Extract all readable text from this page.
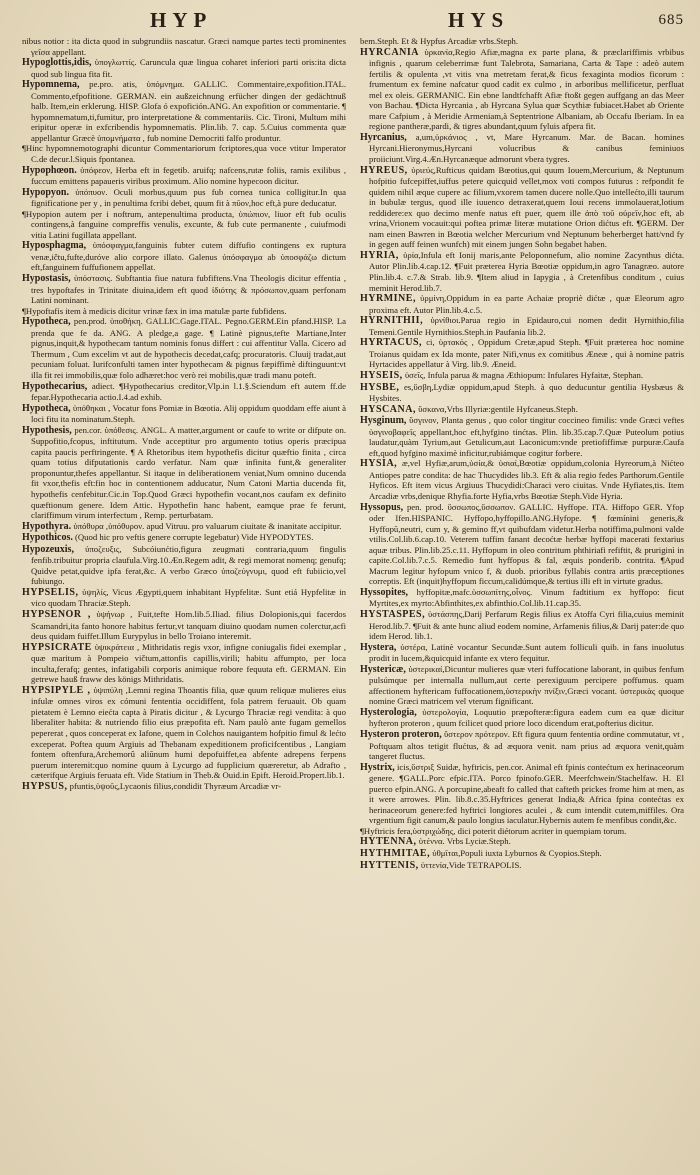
HYP	HYS	685

nibus notior : ita dicta quod in subgrundiis nascatur. Græci namque partes tecti prominentes γεῖσα appellant.

Hypoglottis,idis, ὑπογλωττίς. Caruncula quæ lingua coharet inferiori parti oris:ita dicta quod sub lingua fita fit.

Hypomnema, pe.pro. atis, ὑπόμνημα. GALLIC. Commentaire,expofition.ITAL. Commento,efpofitione. GERMAN. ein außzeichnung erfücher dingen der gedächtnuß halb. Item,ein erklerung. HISP. Glofa ó expofición.ANG. An expofition or commentarie. ¶ hypomnematum,ti,fumitur, pro interpretatione & commentariis. Cic. Tironi, Multum mihi eripitur operæ in exfcribendis hypomnematis. Plin.lib. 7. cap. 5.Cuius commenta quæ appellantur Græcè ὑπομνήματα , fub nomine Democriti falfo produntur.

¶Hinc hypomnemotographi dicuntur Commentariorum fcriptores,qua voce vtitur Imperator C.de decur.l.Siquis fpontanea.

Hypophœon. ὑπόφεον, Herba eft in fegetib. aruifq; nafcens,rutæ foliis, ramis exilibus , fuccum emittens papaueris viribus proximum. Alio nomine hypecoon dicitur.

Hypopyon. ὑπόπυον. Oculi morbus,quum pus fub cornea tunica colligitur.In qua fignificatione per y , in penultima fcribi debet, quum fit à πῦον,hoc eft,à pure deducatur.

¶Hypopion autem per i noftrum, antepenultima producta, ὑπώπιον, liuor eft fub oculis contingens,à fanguine compreffis venulis, excunte, & fub cute permanente , cuiufmodi vitia Latini fugillata appellant.

Hyposphagma, ὑπόσφαγμα,fanguinis fubter cutem diffufio contingens ex ruptura venæ,ičtu,fufte,duróve alio corpore illato. Galenus ὑπόσφαγμα ab ὑποσφάζω dictum eft,fanguinem fuffufionem appellat.

Hypostasis, ὑπόστασις. Subftantia fiue natura fubfiftens.Vna Theologis dicitur effentia , tres hypoftafes in Trinitate diuina,idem eft quod ἰδιότης & πρόσωπον,quam perfonam Latini nominant.

¶Hypoftafis item à medicis dicitur vrinæ fæx in ima matulæ parte fubfidens.

Hypotheca, pen.prod. ὑποθήκη. GALLIC.Gage.ITAL. Pegno.GERM.Ein pfand.HISP. La prenda que fe da. ANG. A pledge,a gage. ¶ Latinè pignus,tefte Martiane,Inter pignus,inquit,& hypothecam tantum nominis fonus differt : cui affentitur Valla. Cicero ad Thermum , Cum excelim vt aut de hypothecis decedat,cafq; procuratoris. Cluuij tradat,aut pecuniam foluat. Iurifconfulti tamen inter hypothecam & pignus fæpiffimè diftinguunt:vt illa fit rei immobilis,quæ folo adhæret:hoc verò rei mobilis,quæ tradi manu poteft.

Hypothecarius, adiect. ¶Hypothecarius creditor,Vlp.in l.1.§.Sciendum eft autem ff.de fepar.Hypothecaria actio.I.4.ad exhib.

Hypotheca, ὑπόθηκαι , Vocatur fons Pomiæ in Bœotia. Alij oppidum quoddam effe aiunt à loci fitu ita nominatum.Steph.

Hypothesis, pen.cor. ὑπόθεσις. ANGL. A matter,argument or caufe to write or difpute on. Suppofitio,fcopus, inftitutum. Vnde acceptitur pro argumento totius operis præcipua capita paucis perftringente. ¶ A Rhetoribus item hypothefis dicitur quæftio finita , circa quam totius difputationis cardo verfatur. Nam quæ infinita funt,& generaliter proponuntur,thefes appellantur. Si itaque in deliberationem veniat,Num omnino ducenda fit vxor,thefis eft:fin hoc in contentionem adducatur, Num Catoni Martia ducenda fit, hypothefis cenfebitur.Cic.in Top.Quod Græci hypothefin vocant,nos caufam ex definito quæftionum genere. Idem Attic. Hypothefin hanc habent, eamque prae fe ferunt, clariffimum virum interfectum , Remp. perturbatam.

Hypothyra. ὑπόθυρα ,ὑπόθυρον. apud Vitruu. pro valuarum ciuitate & inanitate accipitur.

Hypothicos. (Quod hic pro veftis genere corrupte legebatur) Vide HYPODYTES.

Hypozeuxis, ὑποζευξις, Subcóiunćtio,figura zeugmati contraria,quum fingulis fenfib.tribuitur propria claufula.Virg.10.Æn.Regem adit, & regi memorat nomenq; genufq; Quidve petat,quidve ipfa ferat,&c. A verbo Græco ὑποζεύγνυμι, quod eft fubiicio,vel fubiungo.

HYPSELIS, ὑψηλίς, Vicus Ægypti,quem inhabitant Hypfelitæ. Sunt etiá Hypfelitæ in vico quodam Thraciæ.Steph.

HYPSENOR , ὑψήνωρ , Fuit,tefte Hom.lib.5.Iliad. filius Dolopionis,qui facerdos Scamandri,ita fanto honore habitus fertur,vt tanquam diuino quodam numen colerctur,acfi deus quidam fuiffet.Illum Eurypylus in bello Troiano interemit.

HYPSICRATE ὑψικράτεια , Mithridatis regis vxor, infigne coniugalis fidei exemplar , quæ maritum à Pompeio vičtum,attonfis capillis,virili; habitu affumpto, per loca inculta,ferafq; gentes, infatigabili corporis animique robore fequuta eft. GERMAN. Ein getrewe hauß fraww des königs Mithridatis.

HYPSIPYLE , ὑψιπύλη ,Lemni regina Thoantis filia, quæ quum reliquæ mulieres eius infulæ omnes viros ex cómuni fententia occidiffent, fola patrem feruauit. Ob quam pietatem è Lemno eiećta capta à Piratis dicitur , & Lycurgo Thraciæ regi vendita: à quo liberaliter habita: & nutriendo filio eius præpofita eft. Nam paulò ante fugam gemellos pepererat , quos conceperat ex Iafone, quem in Colchos nauigantem hofpitio fimul & lećto exceperat. Poftea quum Argiuis ad Thebanam expeditionem proficifcentibus , Langiam fontem oftenfura,Archemorû aliŭnum humi depofuiffet,ea abfente adrepens ferpens puerum interemit:quo nomine quum à Lycurgo ad fupplicium quæreretur, ab Adrafto , cæterifque Argiuis feruata eft. Vide Statium in Theb.& Ouid.in Epift. Heroid.Propert.lib.1.

HYPSUS, pfuntis,ὑψοῦς,Lycaonis filius,condidit Thyræum Arcadiæ vr-

bem.Steph. Et & Hypfus Arcadiæ vrbs.Steph.

HYRCANIA ὑρκανία,Regio Afiæ,magna ex parte plana, & præclariffimis vrbibus infignis , quarum celeberrimæ funt Talebrota, Samariana, Carta & Tape : adeò autem fertilis & opulenta ,vt vitis vna metretam ferat,& ficus fexaginta modios ficorum : frumentum ex femine nafcatur quod cadit ex culmo , in arboribus mellificetur, perfluat mel ex oleis. GERMANIC. Ein ebne landtfchafft Afiæ ftoßt gegen auffgang an das Meer von Bachau. ¶Dicta Hyrcania , ab Hyrcana Sylua quæ Scythiæ fubiacet.Habet ab Oriente mare Cafpium , à Meridie Armeniam,à Septentrione Albaniam, ab Occafu Iberiam. In ea regione pantheræ,pardi, & tigres abundant,quum fyluis afpera fit.

Hyrcanius, a,um,ὑρκάνιος , vt, Mare Hyrcanum. Mar. de Bacan. homines Hyrcani.Hieronymus,Hyrcani volucribus & canibus feminiuos proiiciunt.Virg.4.Æn.Hyrcanæque admorunt vbera tygres.

HYREUS, ὑριεύς,Rufticus quidam Bœotius,qui quum Iouem,Mercurium, & Neptunum hofpitio fufcepiffet,iuffus petere quicquid vellet,mox voti compos futurus : refpondit fe quidem nihil æque cupere ac filium,vxorem tamen ducere nolle.Quo intellećto,illi taurum in bubulæ tergus, quod ille iuuenco detraxerat,quem Ioui recens immolauerat,lotium reddidere:ex quo decimo menfe natus eft puer, quem ille ἀπὸ τοῦ οὐρεῖν,hoc eft, ab vrina,Vrionem vocauit:qui poftea primæ literæ mutatione Orion dićtus eft. ¶GERM. Der nam einen Bawren in Bœotia welcher Mercurium vnd Neptunum beherberget hatt/vnd fy in gegen auff feinen wunfch) mit einem jungen Sohn begabet haben.

HYRIA, ὑρία,Infula eft Ionij maris,ante Peloponnefum, alio nomine Zacynthus dićta. Autor Plin.lib.4.cap.12. ¶Fuit præterea Hyria Bœotiæ oppidum,in agro Tanagræo. autore Plin.lib.4. c.7.& Strab. lib.9. ¶Item aliud in Iapygia , à Cretenfibus conditum , cuius meminit Herod.lib.7.

HYRMINE, ὑρμίνη,Oppidum in ea parte Achaiæ propriè dićtæ , quæ Eleorum agro proxima eft. Autor Plin.lib.4.c.5.

HYRNITHII, ὑρνίθιοι.Parua regio in Epidauro,cui nomen dedit Hyrnithio,filia Temeni.Gentile Hyrnithios.Steph.in Paufania lib.2.

HYRTACUS, ci, ὑρτακός , Oppidum Cretæ,apud Steph. ¶Fuit præterea hoc nomine Troianus quidam ex Ida monte, pater Nifi,vnus ex comitibus Æneæ , qui à nomine patris Hyrtacides appellatur à Virg. lib.9. Æneid.

HYSEIS, ὑσεῖς, Infula parua & magna Æthiopum: Infulares Hyfaitæ, Stephan.

HYSBE, es,ὕσβη,Lydiæ oppidum,apud Steph. à quo deducuntur gentilia Hysbæus & Hysbites.

HYSCANA, ὕσκανα,Vrbs Illyriæ:gentile Hyfcaneus.Steph.

Hysginum, ὕσγινον, Planta genus , quo color tingitur coccineo fimilis: vnde Græci veftes ὑσγινοβαφεῖς appellant,hoc eft,hyfgino tinćtas. Plin. lib.35.cap.7.Quæ Puteolum potius laudatur,quàm Tyrium,aut Getulicum,aut Laconicum:vnde pretiofiffimæ purpuræ.Caufa eft,quod hyfgino maximè inficitur,rubiámque cogitur forbere.

HYSIA, æ,vel Hyfiæ,arum,ὑσία,& ὑσιαί,Bœotiæ oppidum,colonia Hyreorum,à Nićteo Antiopes patre condita: de hac Thucydides lib.3. Eft & alia regio fedes Parthorum.Gentile Hyficos. Eft item vicus Argiuus Thucydidi:Characi vero ciuitas. Vnde Hyfiates,tis. Item Arcadiæ vrbs,denique Rhyfia.forte Hyfia,vrbs Bœotiæ Steph.Vide Hyria.

Hyssopus, pen. prod. ὕσσωπος,ὕσσωπον. GALLIC. Hyffope. ITA. Hiffopo GER. Yfop oder Ifen.HISPANIC. Hyffopo,hyffopillo.ANG.Hyfope. ¶ fœmínini generis,& Hyffopũ,neutri, cum y, & gemino ff,vt quibufdam videtur.Herba notiffima,pulmoni valde vtilis.Col.lib.6.cap.10. Veterem tuffim fanant decoćtæ herbæ hyffopi macerati fextarius aquæ tribus. Plin.lib.25.c.11. Hyffopum in oleo contritum phthiriafi refiftit, & pruriginì in capite.Col.lib.7.c.5. Remedio funt hyffopus & fal, æquis ponderib. contrita. ¶Apud Macrum legitur hyfopum vnico f, & duob. prioribus fyllabis contra artis præceptiones correptis. Eft (inquit)hyffopum ficcum,calidúmque,& tertius illi eft in virtute gradus.

Hyssopites, hyffopitæ,mafc.ὑσσωπίτης,οἶνος. Vinum fadtitium ex hyffopo: ficut Myrtites,ex myrto:Abfinthites,ex abfinthio.Col.lib.11.cap.35.

HYSTASPES, ὑστάσπης,Darij Perfarum Regis filius ex Atoffa Cyri filia,cuius meminit Herod.lib.7. ¶Fuit & ante hunc aliud eodem nomine, Arfamenis filius,& Darij pater:de quo idem Herod. lib.1.

Hystera, ὑστέρα, Latinè vocantur Secundæ.Sunt autem folliculi quib. in fans inuolutus prodit in lucem,&quicquid infante ex vtero fequitur.

Hystericæ, ὑστερικαί,Dicuntur mulieres quæ vteri fuffocatione laborant, in quibus fenfum pulsúmque per internalla nullum,aut certe perexiguum percipere poffumus. quam affectionem hyftericam fuffocationem,ὑστερικὴν πνίξιν,Græci vocant. ὑστερικὰς quoque nomine Græci matricem vel vterum fignificant.

Hysterologia, ὑστερολογία, Loquutio præpofteræ:figura eadem cum ea quæ dicitur hyfteron proteron , quum fcilicet quod priore loco dicendum erat,pofterius dicitur.

Hysteron proteron, ὕστερον πρότερον. Eft figura quum fententia ordine commutatur, vt , Poftquam altos tetigit flućtus, & ad æquora venit. nam prius ad æquora venit,quàm tangeret fluctus.

Hystrix, icis,ὕστριξ Suidæ, hyftricis, pen.cor. Animal eft fpinis contećtum ex herinaceorum genere. ¶GALL.Porc efpic.ITA. Porco fpinofo.GER. Meerfchwein/Stachelfaw. H. El puerco efpin.ANG. A porcupine,abeaft fo called that cafteth prickes frome him at men, as it were arrowes. Plin. lib.8.c.35.Hyftrices generat India,& Africa fpina contećtas ex herinaceorum genere:fed hyftrici longiores aculei , & cum intendit cutem,miffiles. Ora vrgentium figit canum,& paulo longius iaculatur.Hybernis autem fe menfibus condit,&c.

¶Hyftricis fera,ὑστριχώδης, dici poterit diétorum acriter in quempiam torum.

HYTENNA, ὑτέννα. Vrbs Lyciæ.Steph.

HYTHMITAE, ὑθμῖται,Populi iuxta Lyburnos & Cyopios.Steph.

HYTTENIS, ὑττενία,Vide TETRAPOLIS.
